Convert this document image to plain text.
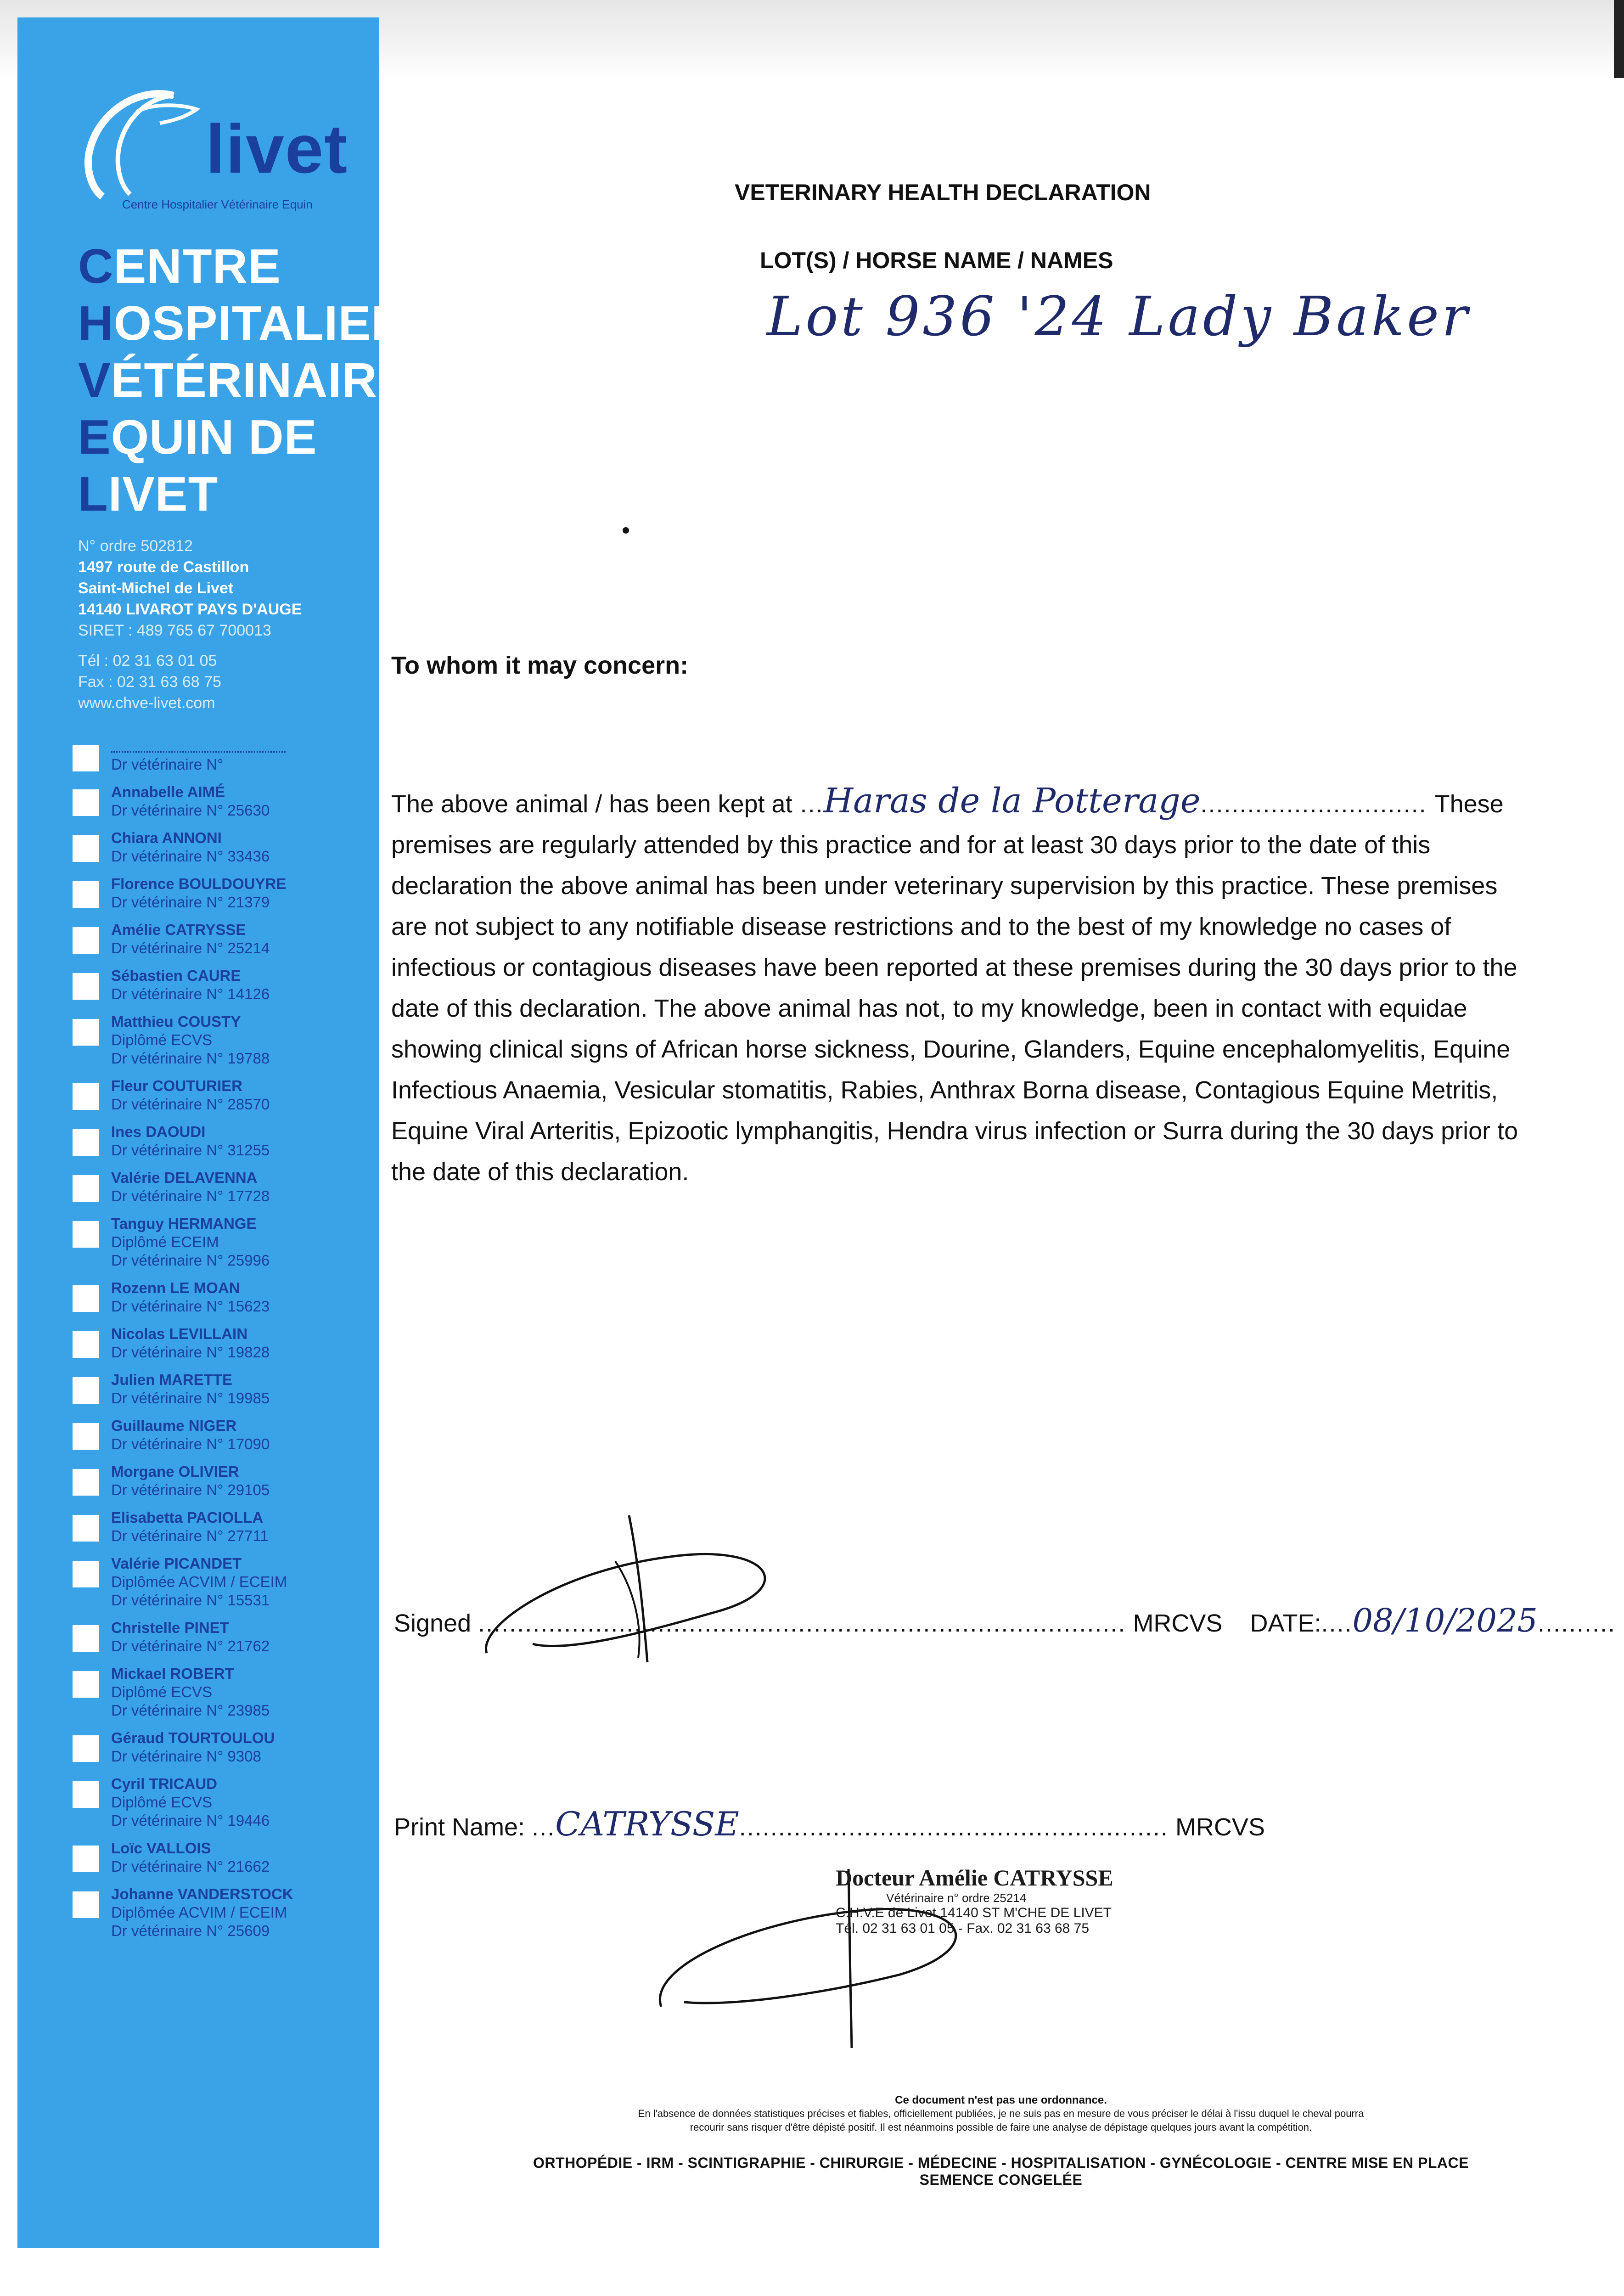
livet
Centre Hospitalier Vétérinaire Equin
CENTRE
HOSPITALIER
VÉTÉRINAIRE
EQUIN DE
LIVET
N° ordre 502812
1497 route de Castillon
Saint-Michel de Livet
14140 LIVAROT PAYS D'AUGE
SIRET : 489 765 67 700013
Tél : 02 31 63 01 05
Fax : 02 31 63 68 75
www.chve-livet.com
Dr vétérinaire N°
Annabelle AIMÉ
Dr vétérinaire N° 25630
Chiara ANNONI
Dr vétérinaire N° 33436
Florence BOULDOUYRE
Dr vétérinaire N° 21379
Amélie CATRYSSE
Dr vétérinaire N° 25214
Sébastien CAURE
Dr vétérinaire N° 14126
Matthieu COUSTY
Diplômé ECVS
Dr vétérinaire N° 19788
Fleur COUTURIER
Dr vétérinaire N° 28570
Ines DAOUDI
Dr vétérinaire N° 31255
Valérie DELAVENNA
Dr vétérinaire N° 17728
Tanguy HERMANGE
Diplômé ECEIM
Dr vétérinaire N° 25996
Rozenn LE MOAN
Dr vétérinaire N° 15623
Nicolas LEVILLAIN
Dr vétérinaire N° 19828
Julien MARETTE
Dr vétérinaire N° 19985
Guillaume NIGER
Dr vétérinaire N° 17090
Morgane OLIVIER
Dr vétérinaire N° 29105
Elisabetta PACIOLLA
Dr vétérinaire N° 27711
Valérie PICANDET
Diplômée ACVIM / ECEIM
Dr vétérinaire N° 15531
Christelle PINET
Dr vétérinaire N° 21762
Mickael ROBERT
Diplômé ECVS
Dr vétérinaire N° 23985
Géraud TOURTOULOU
Dr vétérinaire N° 9308
Cyril TRICAUD
Diplômé ECVS
Dr vétérinaire N° 19446
Loïc VALLOIS
Dr vétérinaire N° 21662
Johanne VANDERSTOCK
Diplômée ACVIM / ECEIM
Dr vétérinaire N° 25609
VETERINARY HEALTH DECLARATION
LOT(S) / HORSE NAME / NAMES
Lot 936 '24 Lady Baker
To whom it may concern:
The above animal / has been kept at ...Haras de la Potterage............................. These premises are regularly attended by this practice and for at least 30 days prior to the date of this declaration the above animal has been under veterinary supervision by this practice. These premises are not subject to any notifiable disease restrictions and to the best of my knowledge no cases of infectious or contagious diseases have been reported at these premises during the 30 days prior to the date of this declaration. The above animal has not, to my knowledge, been in contact with equidae showing clinical signs of African horse sickness, Dourine, Glanders, Equine encephalomyelitis, Equine Infectious Anaemia, Vesicular stomatitis, Rabies, Anthrax Borna disease, Contagious Equine Metritis, Equine Viral Arteritis, Epizootic lymphangitis, Hendra virus infection or Surra during the 30 days prior to the date of this declaration.
Signed ................................................................................... MRCVS DATE:....08/10/2025..........
Print Name: ...CATRYSSE....................................................... MRCVS
Docteur Amélie CATRYSSE
Vétérinaire n° ordre 25214
C.H.V.E de Livet 14140 ST M'CHE DE LIVET
Tél. 02 31 63 01 05 - Fax. 02 31 63 68 75
Ce document n'est pas une ordonnance.
En l'absence de données statistiques précises et fiables, officiellement publiées, je ne suis pas en mesure de vous préciser le délai à l'issu duquel le cheval pourra
recourir sans risquer d'être dépisté positif. Il est néanmoins possible de faire une analyse de dépistage quelques jours avant la compétition.
ORTHOPÉDIE - IRM - SCINTIGRAPHIE - CHIRURGIE - MÉDECINE - HOSPITALISATION - GYNÉCOLOGIE - CENTRE MISE EN PLACE SEMENCE CONGELÉE
